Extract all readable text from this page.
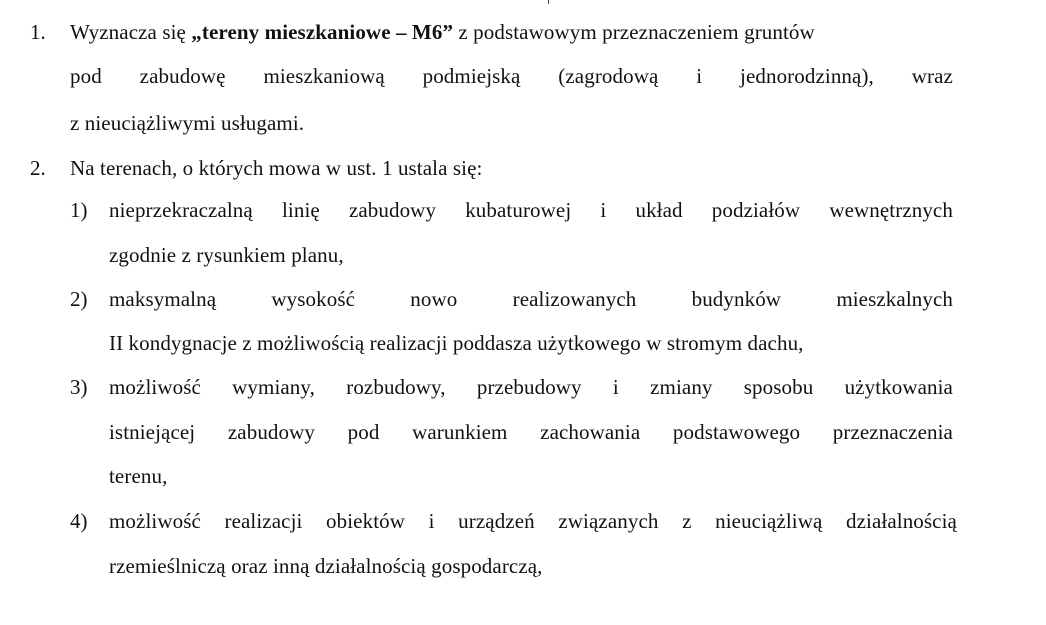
1. Wyznacza się „tereny mieszkaniowe – M6” z podstawowym przeznaczeniem gruntów
pod zabudowę mieszkaniową podmiejską (zagrodową i jednorodzinną), wraz
z nieuciążliwymi usługami.
2. Na terenach, o których mowa w ust. 1 ustala się:
1) nieprzekraczalną linię zabudowy kubaturowej i układ podziałów wewnętrznych
zgodnie z rysunkiem planu,
2) maksymalną	wysokość	nowo	realizowanych	budynków	mieszkalnych
II kondygnacje z możliwością realizacji poddasza użytkowego w stromym dachu,
3) możliwość wymiany, rozbudowy, przebudowy i zmiany sposobu użytkowania
istniejącej zabudowy pod warunkiem zachowania podstawowego przeznaczenia
terenu,
4) możliwość realizacji obiektów i urządzeń związanych z nieuciążliwą działalnością
rzemieślniczą oraz inną działalnością gospodarczą,
